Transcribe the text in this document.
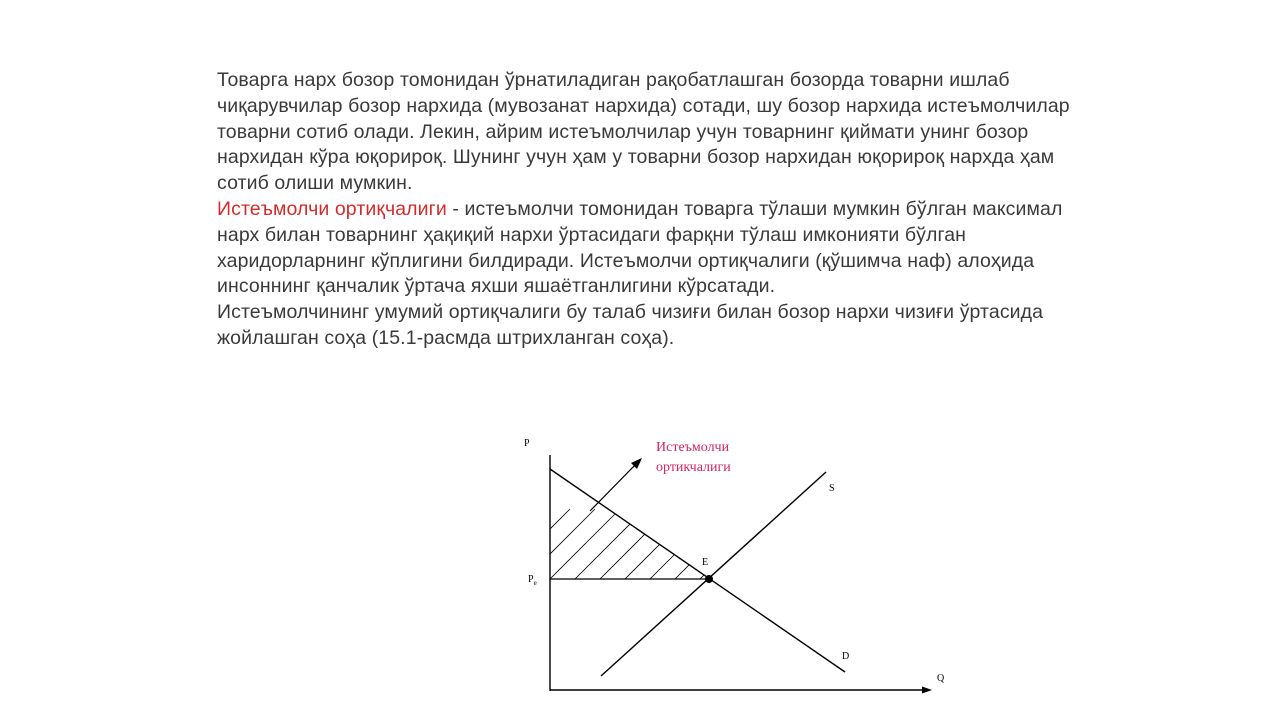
Товарга нарх бозор томонидан ўрнатиладиган рақобатлашган бозорда товарни ишлаб чиқарувчилар бозор нархида (мувозанат нархида) сотади, шу бозор нархида истеъмолчилар товарни сотиб олади. Лекин, айрим истеъмолчилар учун товарнинг қиймати унинг бозор нархидан кўра юқорироқ. Шунинг учун ҳам у товарни бозор нархидан юқорироқ нархда ҳам сотиб олиши мумкин.

Истеъмолчи ортиқчалиги - истеъмолчи томонидан товарга тўлаши мумкин бўлган максимал нарх билан товарнинг ҳақиқий нархи ўртасидаги фарқни тўлаш имконияти бўлган харидорларнинг кўплигини билдиради. Истеъмолчи ортиқчалиги (қўшимча наф) алоҳида инсоннинг қанчалик ўртача яхши яшаётганлигини кўрсатади.

Истеъмолчининг умумий ортиқчалиги бу талаб чизиғи билан бозор нархи чизиғи ўртасида жойлашган соҳа (15.1-расмда штрихланган соҳа).

P
Q
$P_e$
E
S
D
Истеъмолчи
ортикчалиги
